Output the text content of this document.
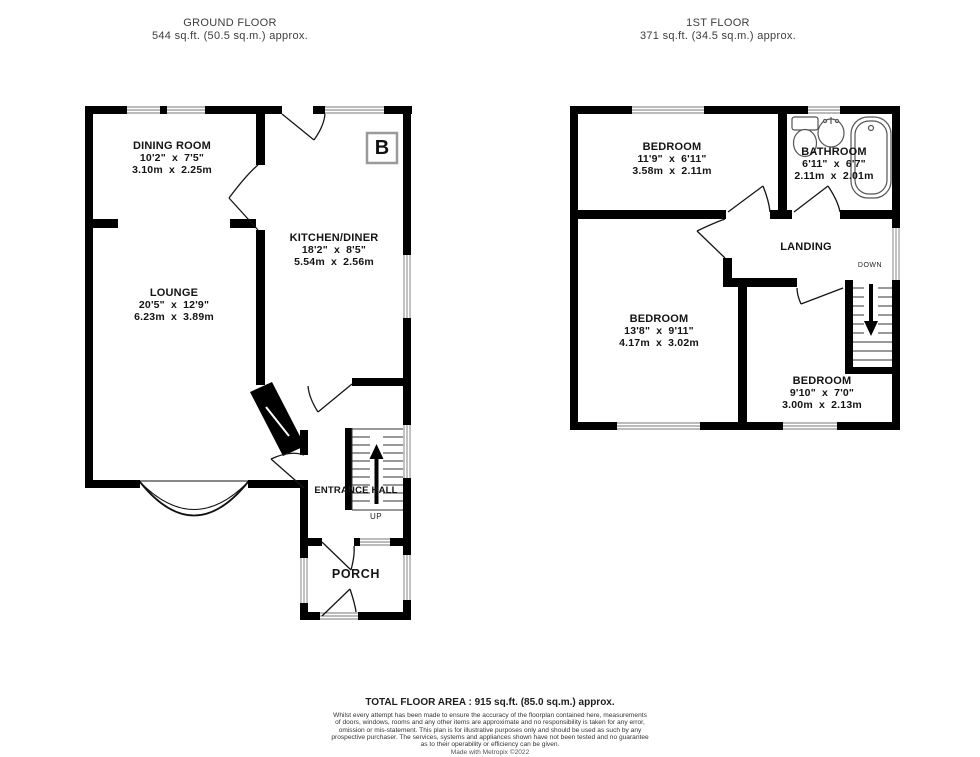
GROUND FLOOR
544 sq.ft. (50.5 sq.m.) approx.
1ST FLOOR
371 sq.ft. (34.5 sq.m.) approx.
DINING ROOM
10'2" x 7'5"
3.10m x 2.25m
KITCHEN/DINER
18'2" x 8'5"
5.54m x 2.56m
LOUNGE
20'5" x 12'9"
6.23m x 3.89m
ENTRANCE HALL
UP
PORCH
B	BEDROOM
11'9" x 6'11"
3.58m x 2.11m
BATHROOM
6'11" x 6'7"
2.11m x 2.01m
LANDING
DOWN
BEDROOM
13'8" x 9'11"
4.17m x 3.02m
BEDROOM
9'10" x 7'0"
3.00m x 2.13m
TOTAL FLOOR AREA : 915 sq.ft. (85.0 sq.m.) approx.
Whilst every attempt has been made to ensure the accuracy of the floorplan contained here, measurements
of doors, windows, rooms and any other items are approximate and no responsibility is taken for any error,
omission or mis-statement. This plan is for illustrative purposes only and should be used as such by any
prospective purchaser. The services, systems and appliances shown have not been tested and no guarantee
as to their operability or efficiency can be given.
Made with Metropix ©2022
